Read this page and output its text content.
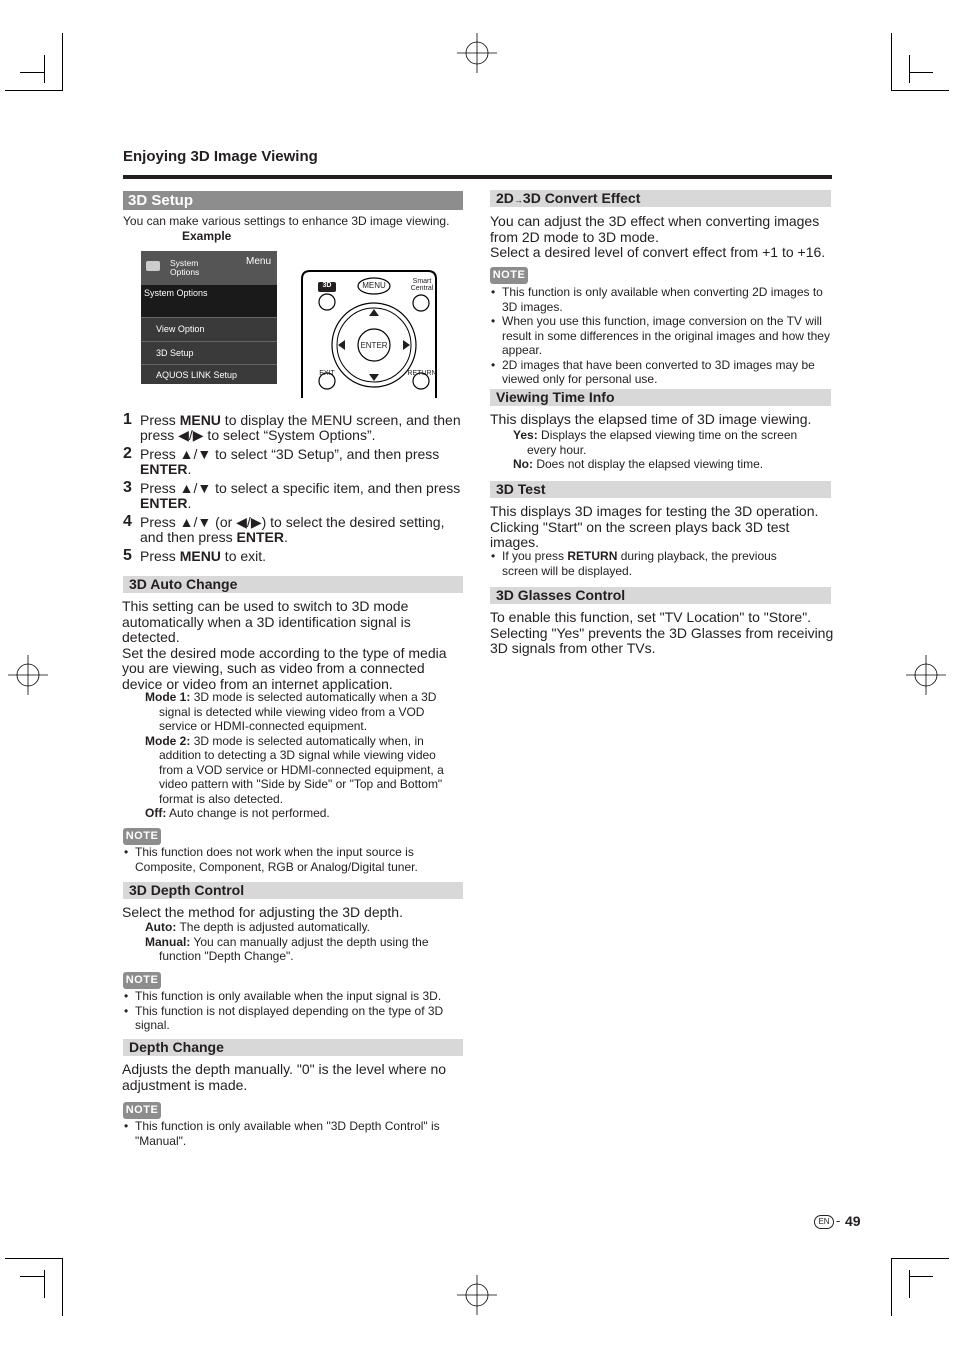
Enjoying 3D Image Viewing
3D Setup
You can make various settings to enhance 3D image viewing.
Example
System
Options
Menu
System Options
View Option
3D Setup
AQUOS LINK Setup
3D	MENU	Smart
Central
ENTER
EXIT	RETURN
1 Press MENU to display the MENU screen, and then press ◀/▶ to select “System Options”.
2 Press ▲/▼ to select “3D Setup”, and then press ENTER.
3 Press ▲/▼ to select a specific item, and then press ENTER.
4 Press ▲/▼ (or ◀/▶) to select the desired setting, and then press ENTER.
5 Press MENU to exit.
3D Auto Change
This setting can be used to switch to 3D mode automatically when a 3D identification signal is detected.
Set the desired mode according to the type of media you are viewing, such as video from a connected device or video from an internet application.
Mode 1: 3D mode is selected automatically when a 3D signal is detected while viewing video from a VOD service or HDMI-connected equipment.
Mode 2: 3D mode is selected automatically when, in addition to detecting a 3D signal while viewing video from a VOD service or HDMI-connected equipment, a video pattern with "Side by Side" or "Top and Bottom" format is also detected.
Off: Auto change is not performed.
NOTE
• This function does not work when the input source is Composite, Component, RGB or Analog/Digital tuner.
3D Depth Control
Select the method for adjusting the 3D depth.
Auto: The depth is adjusted automatically.
Manual: You can manually adjust the depth using the function "Depth Change".
NOTE
• This function is only available when the input signal is 3D.
• This function is not displayed depending on the type of 3D signal.
Depth Change
Adjusts the depth manually. "0" is the level where no adjustment is made.
NOTE
• This function is only available when "3D Depth Control" is "Manual".
2D→3D Convert Effect
You can adjust the 3D effect when converting images from 2D mode to 3D mode.
Select a desired level of convert effect from +1 to +16.
NOTE
• This function is only available when converting 2D images to 3D images.
• When you use this function, image conversion on the TV will result in some differences in the original images and how they appear.
• 2D images that have been converted to 3D images may be viewed only for personal use.
Viewing Time Info
This displays the elapsed time of 3D image viewing.
Yes: Displays the elapsed viewing time on the screen every hour.
No: Does not display the elapsed viewing time.
3D Test
This displays 3D images for testing the 3D operation. Clicking "Start" on the screen plays back 3D test images.
• If you press RETURN during playback, the previous screen will be displayed.
3D Glasses Control
To enable this function, set "TV Location" to "Store". Selecting "Yes" prevents the 3D Glasses from receiving 3D signals from other TVs.
EN - 49
